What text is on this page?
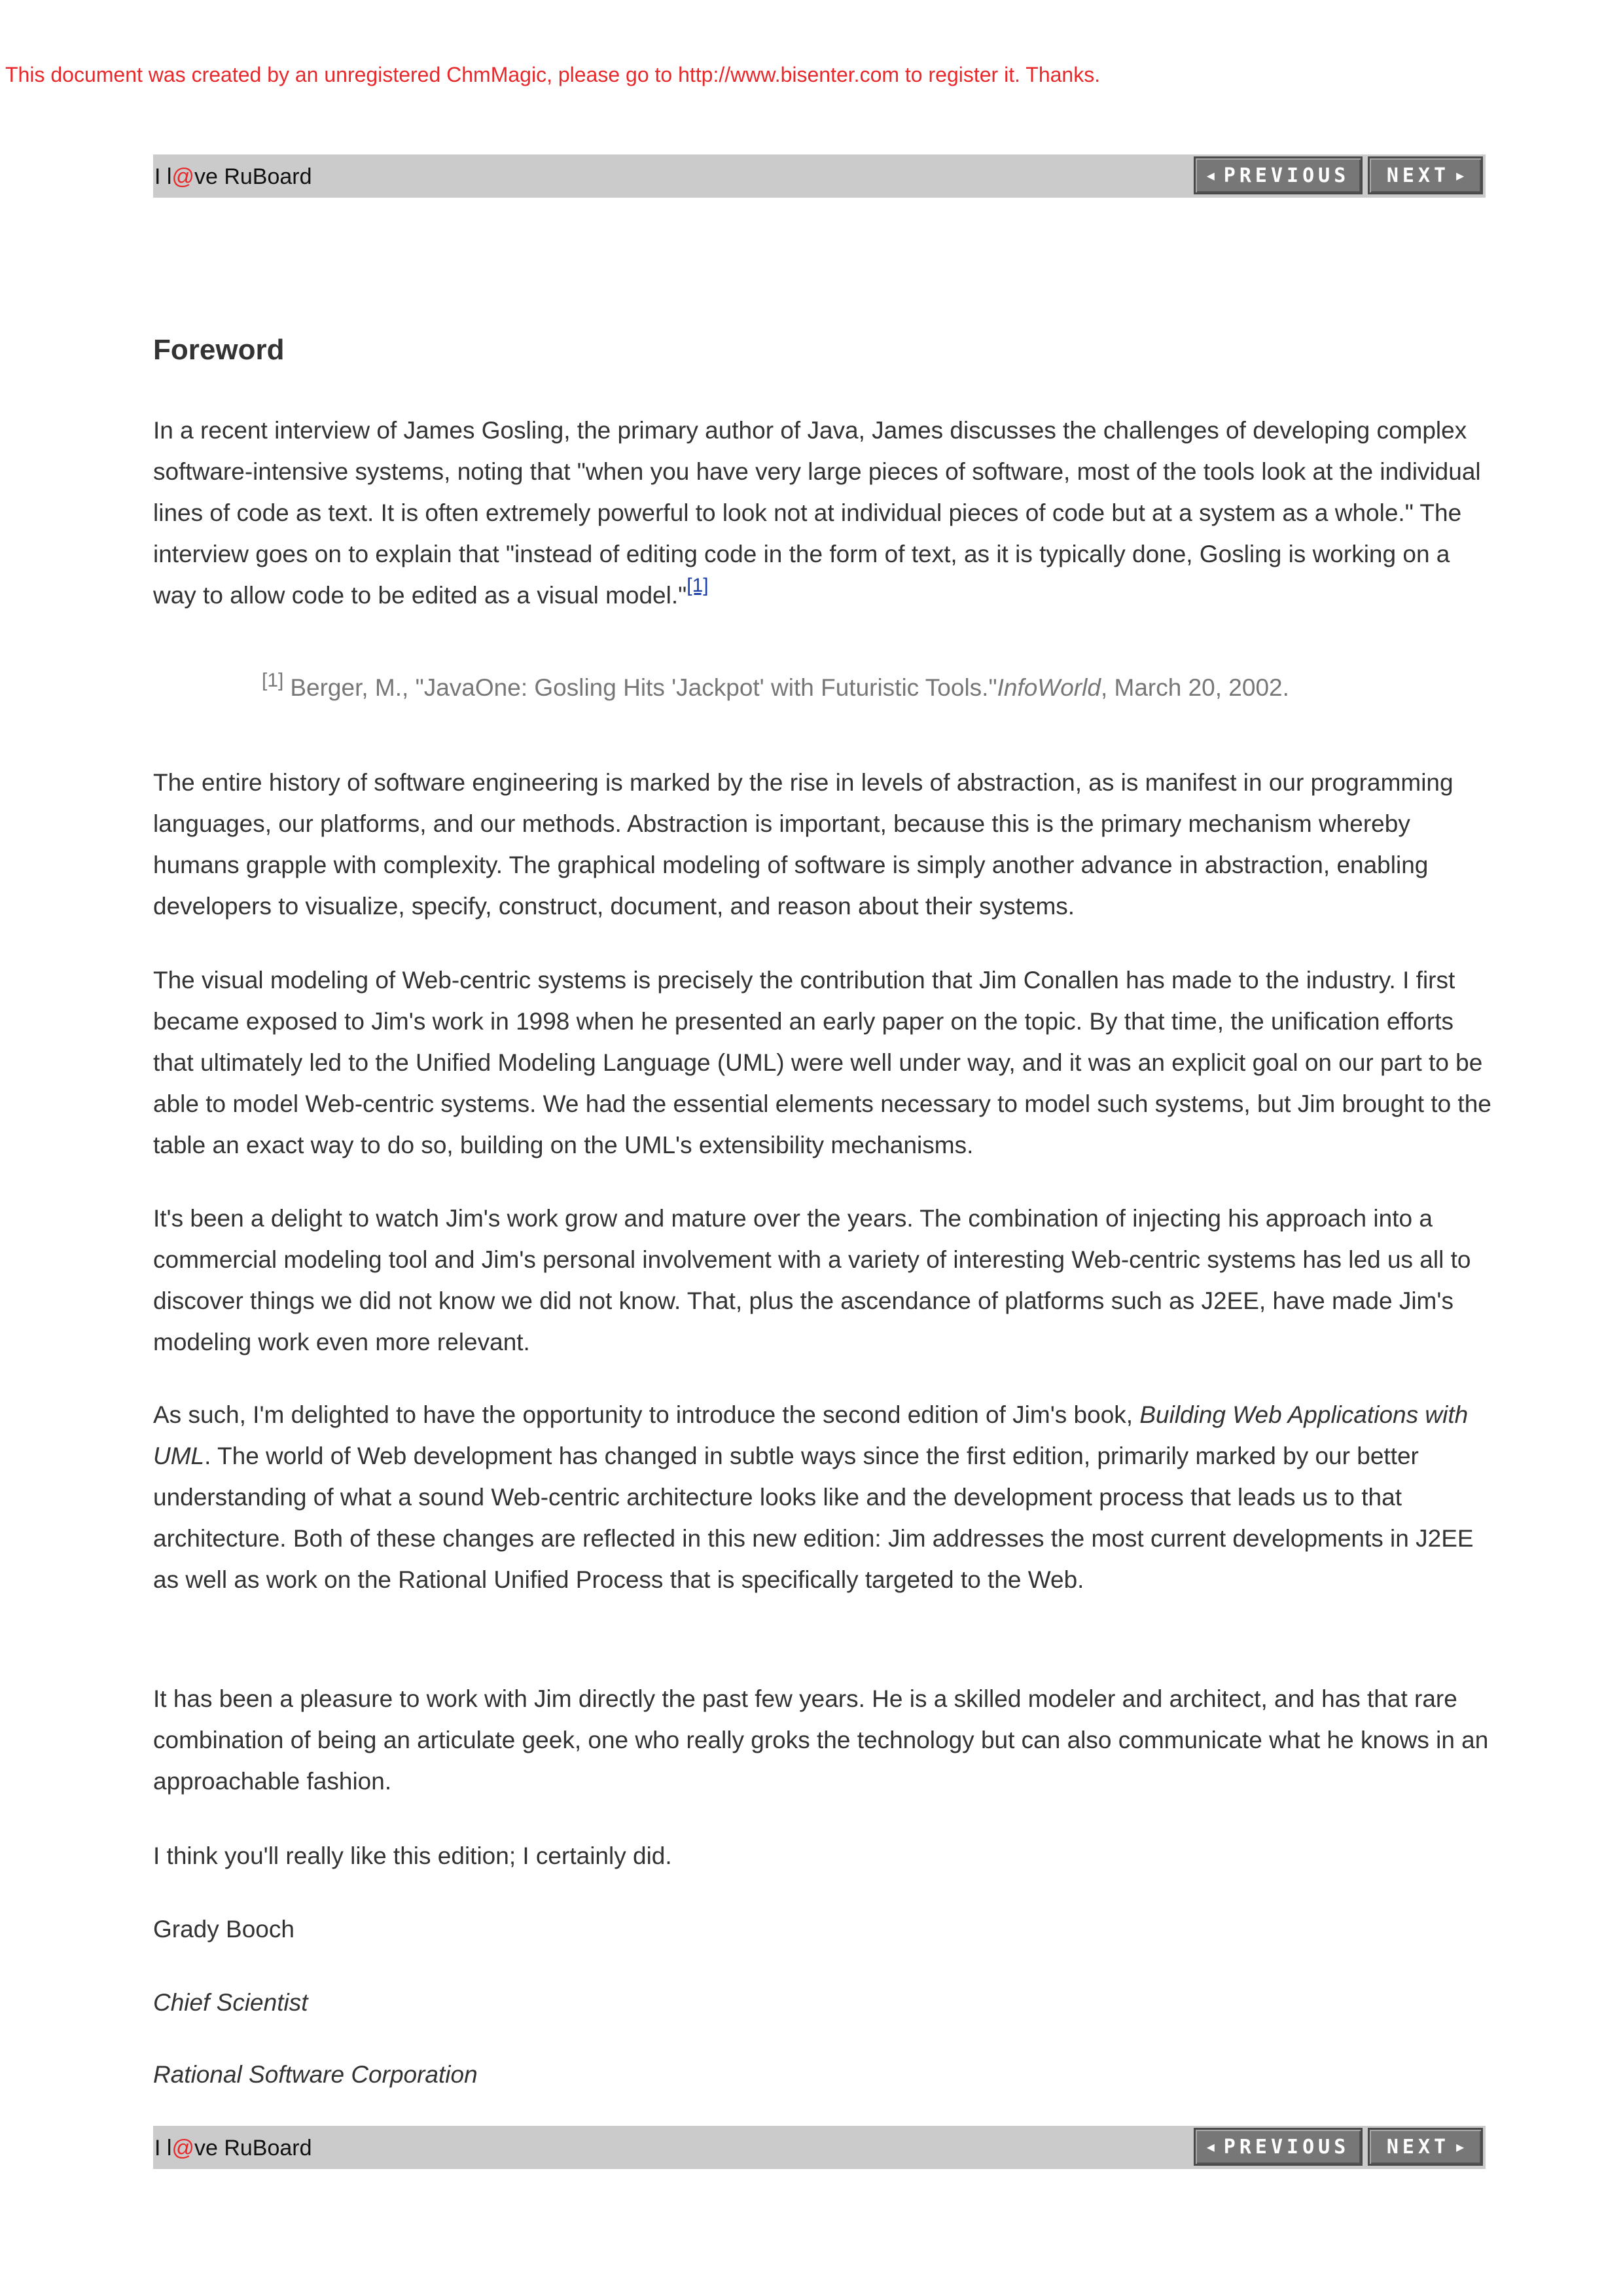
This document was created by an unregistered ChmMagic, please go to http://www.bisenter.com to register it. Thanks.
I l@ve RuBoard	◀ PREVIOUS NEXT ▶
Foreword

In a recent interview of James Gosling, the primary author of Java, James discusses the challenges of developing complex software-intensive systems, noting that "when you have very large pieces of software, most of the tools look at the individual lines of code as text. It is often extremely powerful to look not at individual pieces of code but at a system as a whole." The interview goes on to explain that "instead of editing code in the form of text, as it is typically done, Gosling is working on a way to allow code to be edited as a visual model."[1]

[1] Berger, M., "JavaOne: Gosling Hits 'Jackpot' with Futuristic Tools."InfoWorld, March 20, 2002.

The entire history of software engineering is marked by the rise in levels of abstraction, as is manifest in our programming languages, our platforms, and our methods. Abstraction is important, because this is the primary mechanism whereby humans grapple with complexity. The graphical modeling of software is simply another advance in abstraction, enabling developers to visualize, specify, construct, document, and reason about their systems.

The visual modeling of Web-centric systems is precisely the contribution that Jim Conallen has made to the industry. I first became exposed to Jim's work in 1998 when he presented an early paper on the topic. By that time, the unification efforts that ultimately led to the Unified Modeling Language (UML) were well under way, and it was an explicit goal on our part to be able to model Web-centric systems. We had the essential elements necessary to model such systems, but Jim brought to the table an exact way to do so, building on the UML's extensibility mechanisms.

It's been a delight to watch Jim's work grow and mature over the years. The combination of injecting his approach into a commercial modeling tool and Jim's personal involvement with a variety of interesting Web-centric systems has led us all to discover things we did not know we did not know. That, plus the ascendance of platforms such as J2EE, have made Jim's modeling work even more relevant.

As such, I'm delighted to have the opportunity to introduce the second edition of Jim's book, Building Web Applications with UML. The world of Web development has changed in subtle ways since the first edition, primarily marked by our better understanding of what a sound Web-centric architecture looks like and the development process that leads us to that architecture. Both of these changes are reflected in this new edition: Jim addresses the most current developments in J2EE as well as work on the Rational Unified Process that is specifically targeted to the Web.

It has been a pleasure to work with Jim directly the past few years. He is a skilled modeler and architect, and has that rare combination of being an articulate geek, one who really groks the technology but can also communicate what he knows in an approachable fashion.

I think you'll really like this edition; I certainly did.

Grady Booch

Chief Scientist

Rational Software Corporation

I l@ve RuBoard	◀ PREVIOUS NEXT ▶
